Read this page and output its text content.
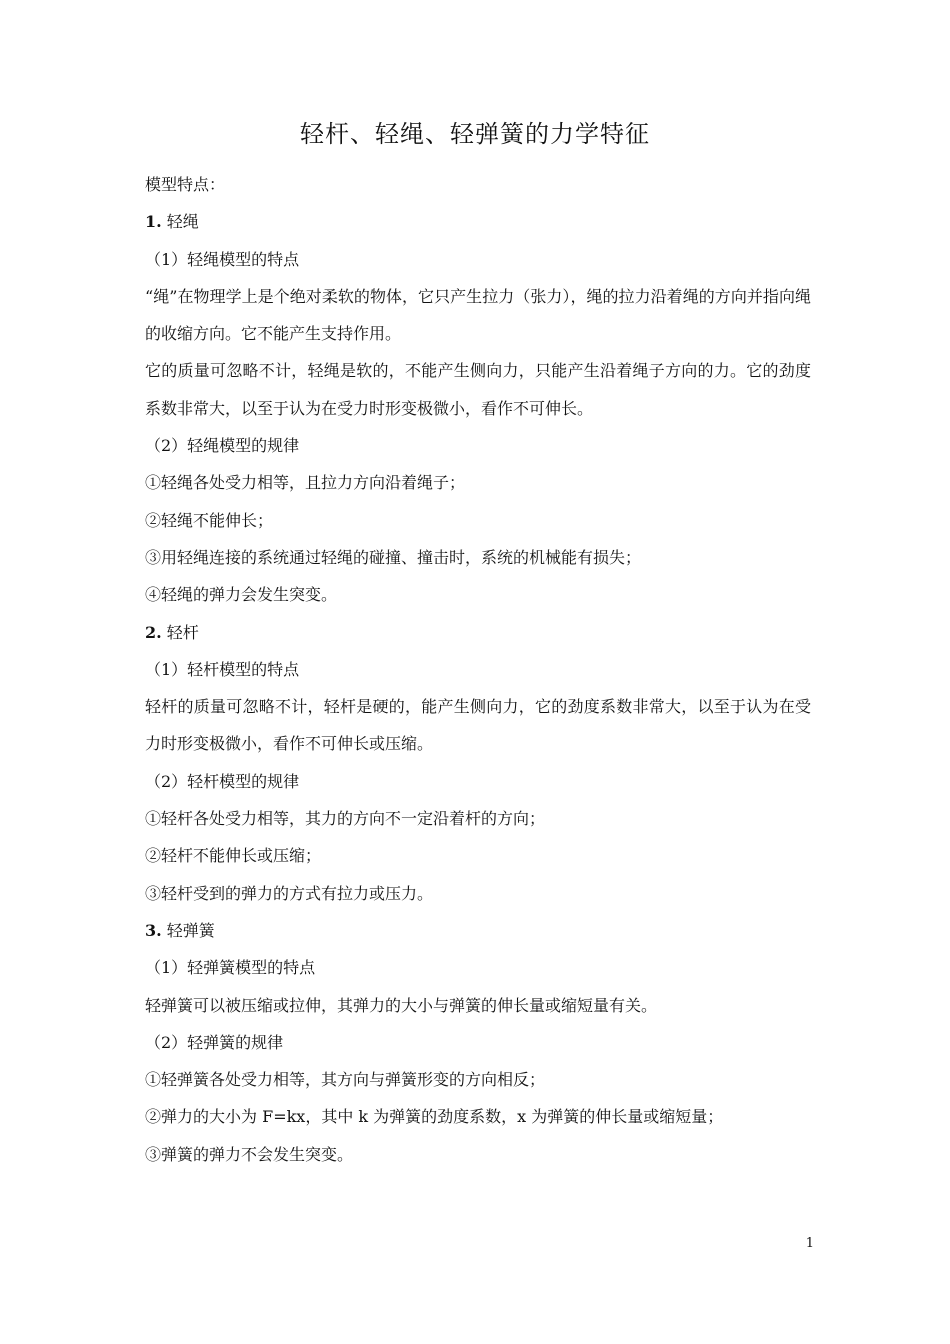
轻杆、轻绳、轻弹簧的力学特征
模型特点：
1. 轻绳
（1）轻绳模型的特点
“绳”在物理学上是个绝对柔软的物体，它只产生拉力（张力），绳的拉力沿着绳的方向并指向绳的收缩方向。它不能产生支持作用。
它的质量可忽略不计，轻绳是软的，不能产生侧向力，只能产生沿着绳子方向的力。它的劲度系数非常大，以至于认为在受力时形变极微小，看作不可伸长。
（2）轻绳模型的规律
①轻绳各处受力相等，且拉力方向沿着绳子；
②轻绳不能伸长；
③用轻绳连接的系统通过轻绳的碰撞、撞击时，系统的机械能有损失；
④轻绳的弹力会发生突变。
2. 轻杆
（1）轻杆模型的特点
轻杆的质量可忽略不计，轻杆是硬的，能产生侧向力，它的劲度系数非常大，以至于认为在受力时形变极微小，看作不可伸长或压缩。
（2）轻杆模型的规律
①轻杆各处受力相等，其力的方向不一定沿着杆的方向；
②轻杆不能伸长或压缩；
③轻杆受到的弹力的方式有拉力或压力。
3. 轻弹簧
（1）轻弹簧模型的特点
轻弹簧可以被压缩或拉伸，其弹力的大小与弹簧的伸长量或缩短量有关。
（2）轻弹簧的规律
①轻弹簧各处受力相等，其方向与弹簧形变的方向相反；
②弹力的大小为 F=kx，其中 k 为弹簧的劲度系数，x 为弹簧的伸长量或缩短量；
③弹簧的弹力不会发生突变。
1
